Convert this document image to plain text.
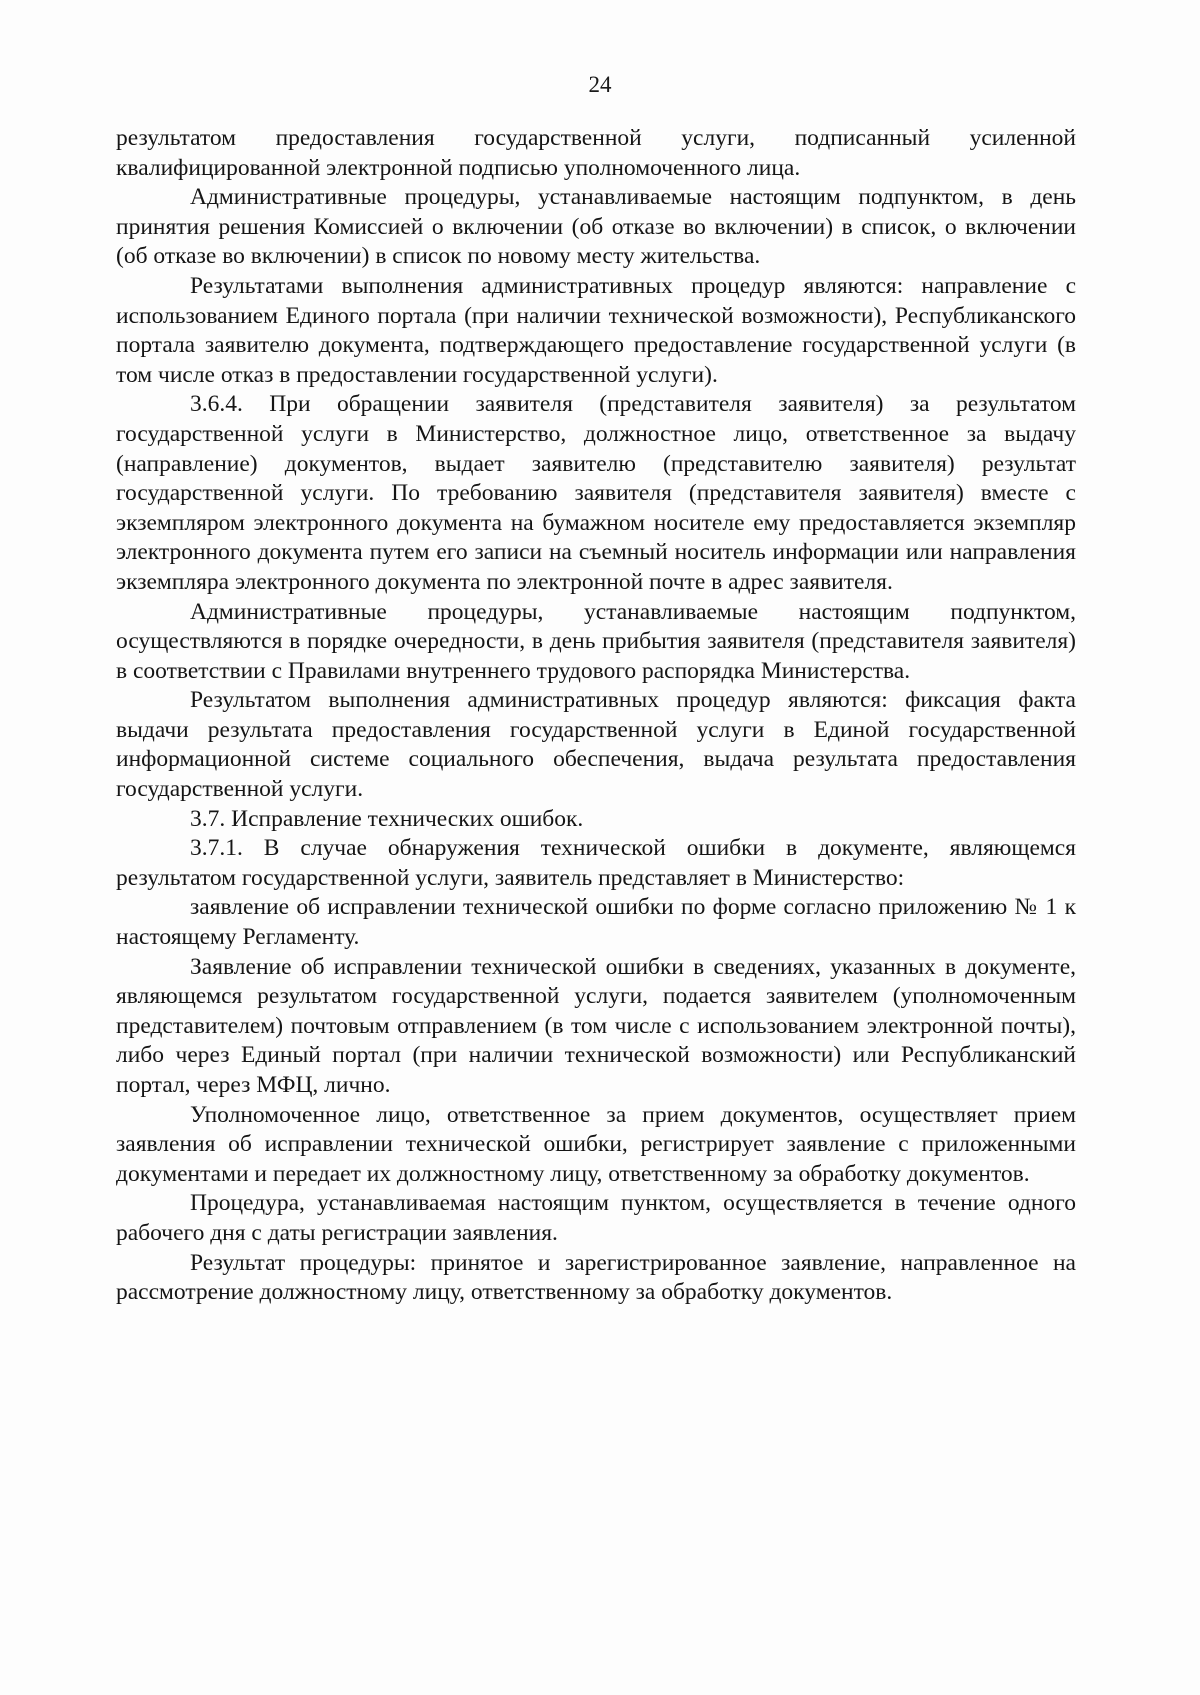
24

результатом предоставления государственной услуги, подписанный усиленной квалифицированной электронной подписью уполномоченного лица.

Административные процедуры, устанавливаемые настоящим подпунктом, в день принятия решения Комиссией о включении (об отказе во включении) в список, о включении (об отказе во включении) в список по новому месту жительства.

Результатами выполнения административных процедур являются: направление с использованием Единого портала (при наличии технической возможности), Республиканского портала заявителю документа, подтверждающего предоставление государственной услуги (в том числе отказ в предоставлении государственной услуги).

3.6.4. При обращении заявителя (представителя заявителя) за результатом государственной услуги в Министерство, должностное лицо, ответственное за выдачу (направление) документов, выдает заявителю (представителю заявителя) результат государственной услуги. По требованию заявителя (представителя заявителя) вместе с экземпляром электронного документа на бумажном носителе ему предоставляется экземпляр электронного документа путем его записи на съемный носитель информации или направления экземпляра электронного документа по электронной почте в адрес заявителя.

Административные процедуры, устанавливаемые настоящим подпунктом, осуществляются в порядке очередности, в день прибытия заявителя (представителя заявителя) в соответствии с Правилами внутреннего трудового распорядка Министерства.

Результатом выполнения административных процедур являются: фиксация факта выдачи результата предоставления государственной услуги в Единой государственной информационной системе социального обеспечения, выдача результата предоставления государственной услуги.

3.7. Исправление технических ошибок.

3.7.1. В случае обнаружения технической ошибки в документе, являющемся результатом государственной услуги, заявитель представляет в Министерство:

заявление об исправлении технической ошибки по форме согласно приложению № 1 к настоящему Регламенту.

Заявление об исправлении технической ошибки в сведениях, указанных в документе, являющемся результатом государственной услуги, подается заявителем (уполномоченным представителем) почтовым отправлением (в том числе с использованием электронной почты), либо через Единый портал (при наличии технической возможности) или Республиканский портал, через МФЦ, лично.

Уполномоченное лицо, ответственное за прием документов, осуществляет прием заявления об исправлении технической ошибки, регистрирует заявление с приложенными документами и передает их должностному лицу, ответственному за обработку документов.

Процедура, устанавливаемая настоящим пунктом, осуществляется в течение одного рабочего дня с даты регистрации заявления.

Результат процедуры: принятое и зарегистрированное заявление, направленное на рассмотрение должностному лицу, ответственному за обработку документов.
